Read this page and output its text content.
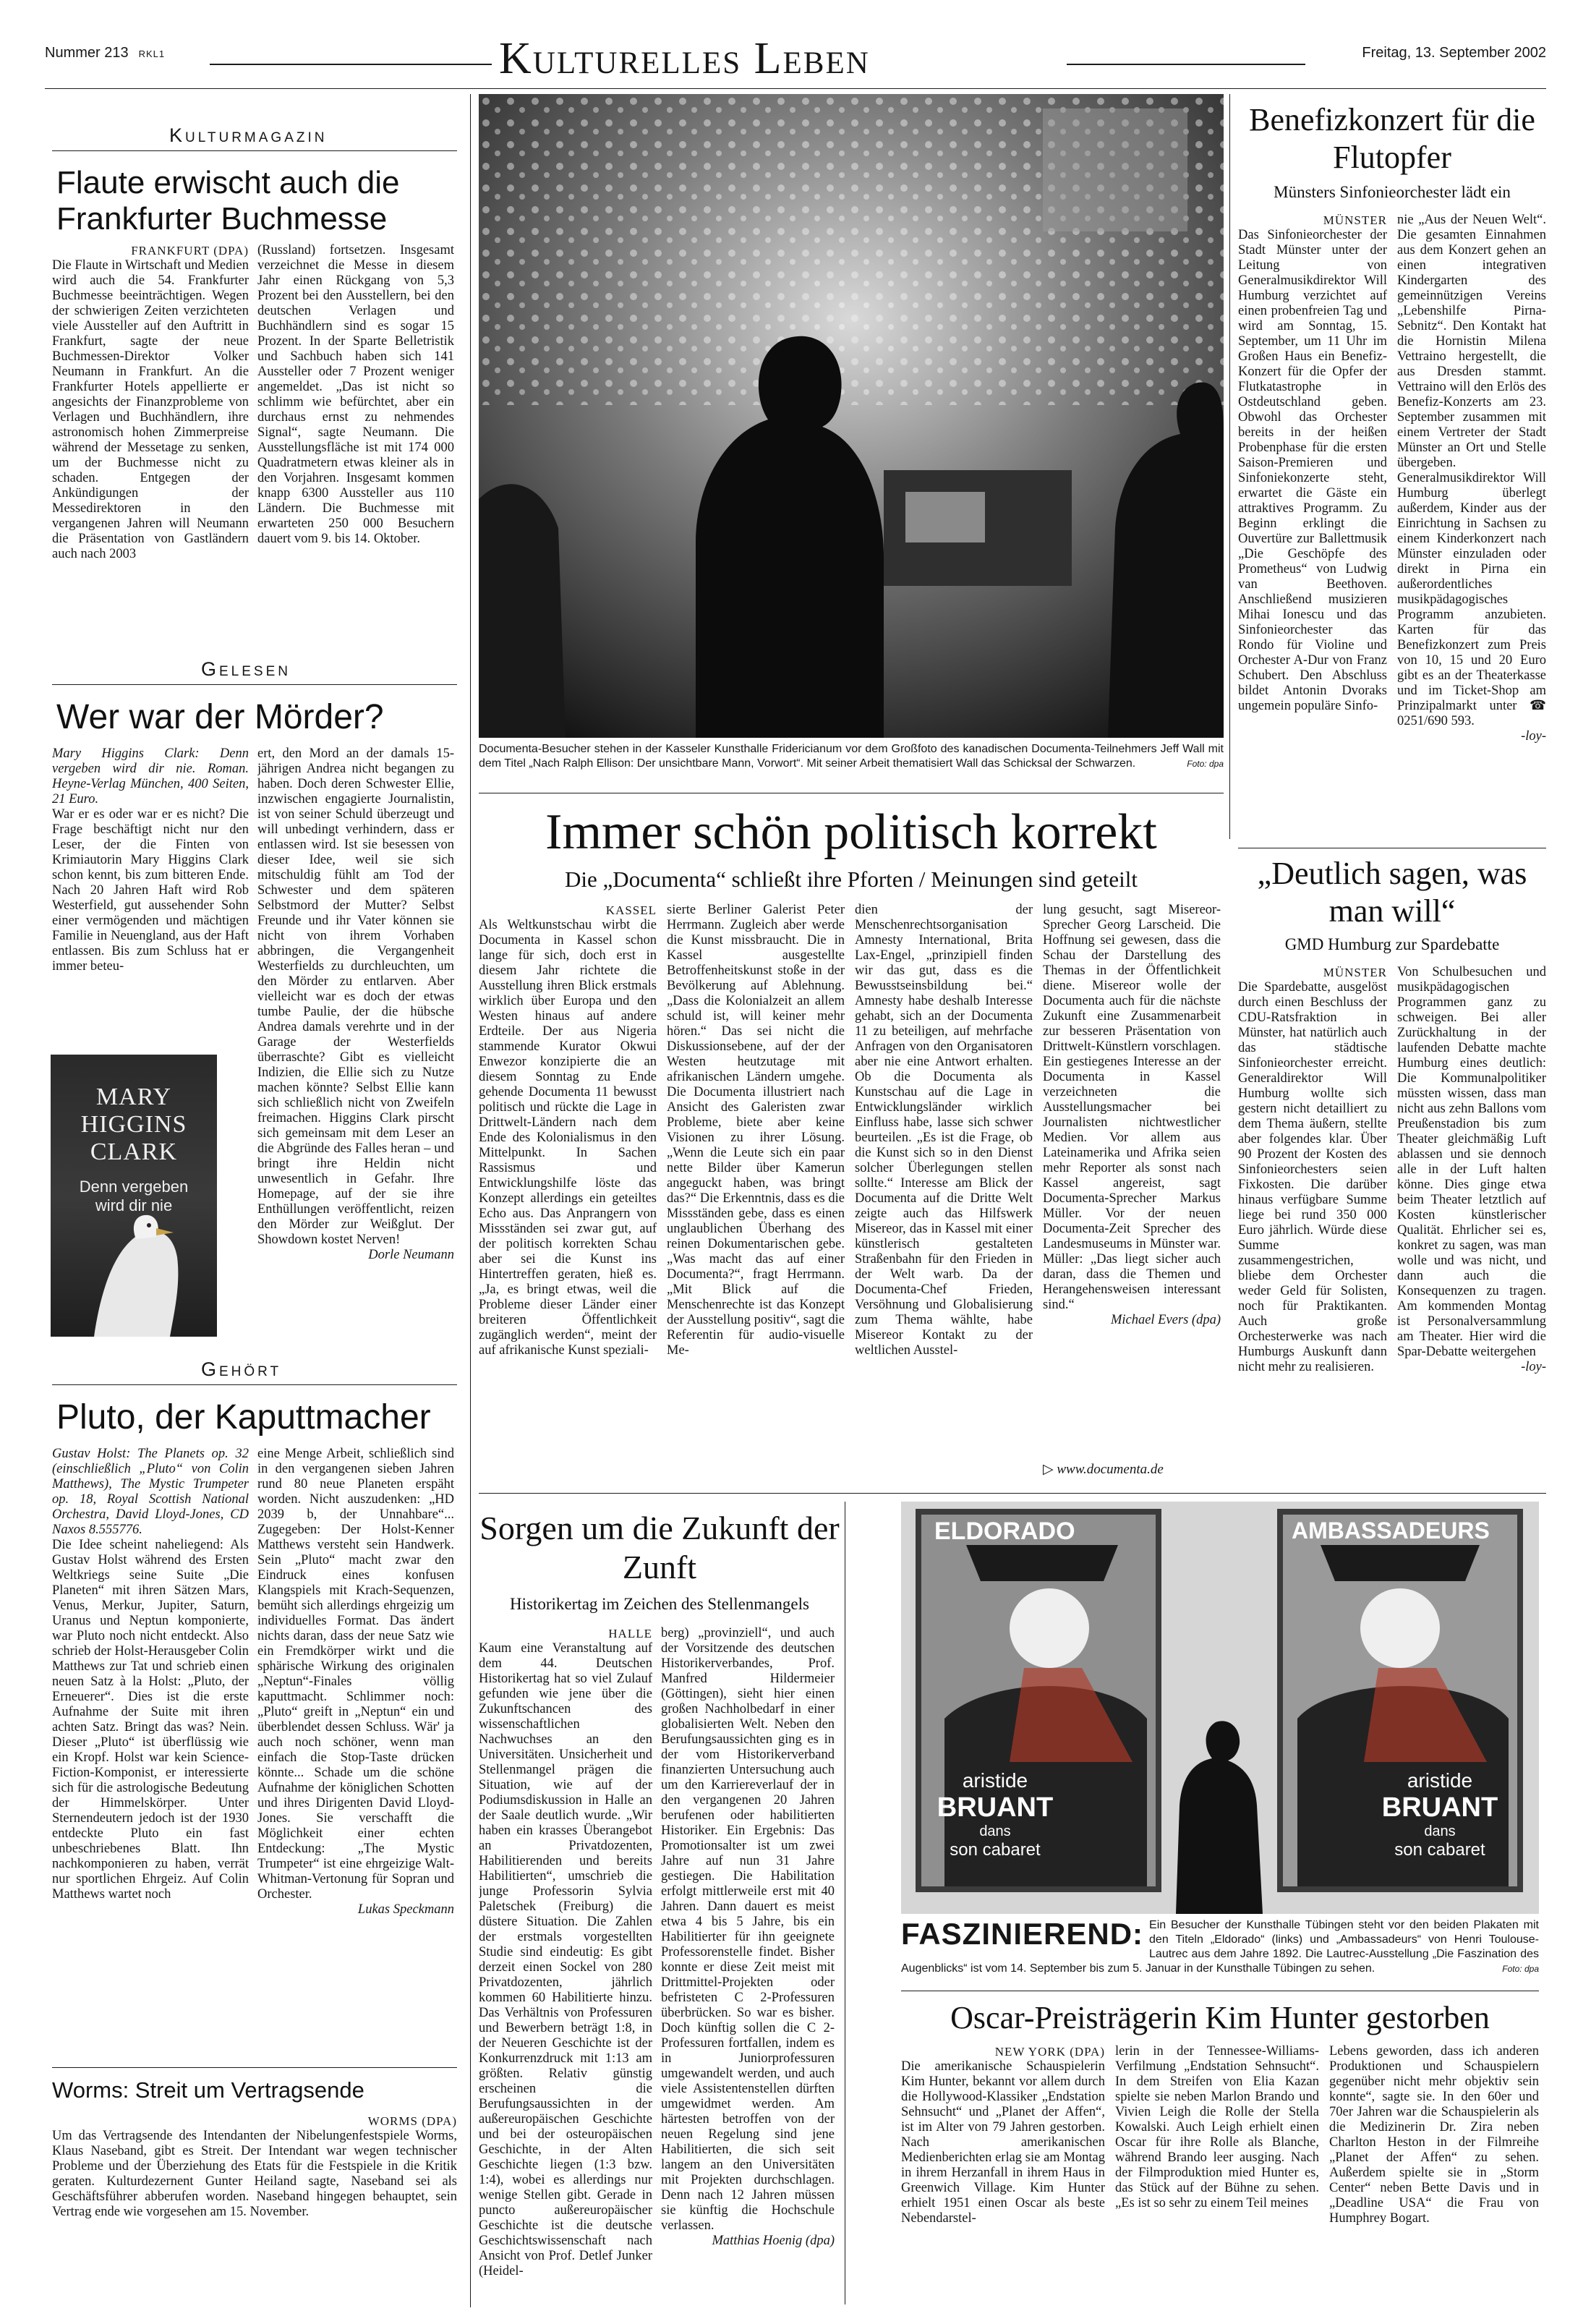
Nummer 213 RKL1	Kulturelles Leben	Freitag, 13. September 2002
Kulturmagazin
Flaute erwischt auch die Frankfurter Buchmesse

FRANKFURT (DPA)

Die Flaute in Wirtschaft und Medien wird auch die 54. Frankfurter Buchmesse beeinträchtigen. Wegen der schwierigen Zeiten verzichteten viele Aussteller auf den Auftritt in Frankfurt, sagte der neue Buchmessen-Direktor Volker Neumann in Frankfurt. An die Frankfurter Hotels appellierte er angesichts der Finanzprobleme von Verlagen und Buchhändlern, ihre astronomisch hohen Zimmerpreise während der Messetage zu senken, um der Buchmesse nicht zu schaden. Entgegen der Ankündigungen der Messedirektoren in den vergangenen Jahren will Neumann die Präsentation von Gastländern auch nach 2003

(Russland) fortsetzen. Insgesamt verzeichnet die Messe in diesem Jahr einen Rückgang von 5,3 Prozent bei den Ausstellern, bei den deutschen Verlagen und Buchhändlern sind es sogar 15 Prozent. In der Sparte Belletristik und Sachbuch haben sich 141 Aussteller oder 7 Prozent weniger angemeldet. „Das ist nicht so schlimm wie befürchtet, aber ein durchaus ernst zu nehmendes Signal“, sagte Neumann. Die Ausstellungsfläche ist mit 174 000 Quadratmetern etwas kleiner als in den Vorjahren. Insgesamt kommen knapp 6300 Aussteller aus 110 Ländern. Die Buchmesse mit erwarteten 250 000 Besuchern dauert vom 9. bis 14. Oktober.

Gelesen
Wer war der Mörder?

Mary Higgins Clark: Denn vergeben wird dir nie. Roman. Heyne-Verlag München, 400 Seiten, 21 Euro.

War er es oder war er es nicht? Die Frage beschäftigt nicht nur den Leser, der die Finten von Krimiautorin Mary Higgins Clark schon kennt, bis zum bitteren Ende. Nach 20 Jahren Haft wird Rob Westerfield, gut aussehender Sohn einer vermögenden und mächtigen Familie in Neuengland, aus der Haft entlassen. Bis zum Schluss hat er immer beteu-

ert, den Mord an der damals 15-jährigen Andrea nicht begangen zu haben. Doch deren Schwester Ellie, inzwischen engagierte Journalistin, ist von seiner Schuld überzeugt und will unbedingt verhindern, dass er entlassen wird. Ist sie besessen von dieser Idee, weil sie sich mitschuldig fühlt am Tod der Schwester und dem späteren Selbstmord der Mutter? Selbst Freunde und ihr Vater können sie nicht von ihrem Vorhaben abbringen, die Vergangenheit Westerfields zu durchleuchten, um den Mörder zu entlarven. Aber vielleicht war es doch der etwas tumbe Paulie, der die hübsche Andrea damals verehrte und in der Garage der Westerfields überraschte? Gibt es vielleicht Indizien, die Ellie sich zu Nutze machen könnte? Selbst Ellie kann sich schließlich nicht von Zweifeln freimachen. Higgins Clark pirscht sich gemeinsam mit dem Leser an die Abgründe des Falles heran – und bringt ihre Heldin nicht unwesentlich in Gefahr. Ihre Homepage, auf der sie ihre Enthüllungen veröffentlicht, reizen den Mörder zur Weißglut. Der Showdown kostet Nerven!

Dorle Neumann

MARY HIGGINS CLARK
Denn vergeben wird dir nie
Gehört
Pluto, der Kaputtmacher

Gustav Holst: The Planets op. 32 (einschließlich „Pluto“ von Colin Matthews), The Mystic Trumpeter op. 18, Royal Scottish National Orchestra, David Lloyd-Jones, CD Naxos 8.555776.

Die Idee scheint naheliegend: Als Gustav Holst während des Ersten Weltkriegs seine Suite „Die Planeten“ mit ihren Sätzen Mars, Venus, Merkur, Jupiter, Saturn, Uranus und Neptun komponierte, war Pluto noch nicht entdeckt. Also schrieb der Holst-Herausgeber Colin Matthews zur Tat und schrieb einen neuen Satz à la Holst: „Pluto, der Erneuerer“. Dies ist die erste Aufnahme der Suite mit ihren achten Satz. Bringt das was? Nein. Dieser „Pluto“ ist überflüssig wie ein Kropf. Holst war kein Science-Fiction-Komponist, er interessierte sich für die astrologische Bedeutung der Himmelskörper. Unter Sternendeutern jedoch ist der 1930 entdeckte Pluto ein fast unbeschriebenes Blatt. Ihn nachkomponieren zu haben, verrät nur sportlichen Ehrgeiz. Auf Colin Matthews wartet noch

eine Menge Arbeit, schließlich sind in den vergangenen sieben Jahren rund 80 neue Planeten erspäht worden. Nicht auszudenken: „HD 2039 b, der Unnahbare“... Zugegeben: Der Holst-Kenner Matthews versteht sein Handwerk. Sein „Pluto“ macht zwar den Eindruck eines konfusen Klangspiels mit Krach-Sequenzen, bemüht sich allerdings ehrgeizig um individuelles Format. Das ändert nichts daran, dass der neue Satz wie ein Fremdkörper wirkt und die sphärische Wirkung des originalen „Neptun“-Finales völlig kaputtmacht. Schlimmer noch: „Pluto“ greift in „Neptun“ ein und überblendet dessen Schluss. Wär' ja auch noch schöner, wenn man einfach die Stop-Taste drücken könnte... Schade um die schöne Aufnahme der königlichen Schotten und ihres Dirigenten David Lloyd-Jones. Sie verschafft die Möglichkeit einer echten Entdeckung: „The Mystic Trumpeter“ ist eine ehrgeizige Walt-Whitman-Vertonung für Sopran und Orchester.

Lukas Speckmann

Worms: Streit um Vertragsende

WORMS (DPA)

Um das Vertragsende des Intendanten der Nibelungenfestspiele Worms, Klaus Naseband, gibt es Streit. Der Intendant war wegen technischer Probleme und der Überziehung des Etats für die Festspiele in die Kritik geraten. Kulturdezernent Gunter Heiland sagte, Naseband sei als Geschäftsführer abberufen worden. Naseband hingegen behauptet, sein Vertrag ende wie vorgesehen am 15. November.

Documenta-Besucher stehen in der Kasseler Kunsthalle Fridericianum vor dem Großfoto des kanadischen Documenta-Teilnehmers Jeff Wall mit dem Titel „Nach Ralph Ellison: Der unsichtbare Mann, Vorwort“. Mit seiner Arbeit thematisiert Wall das Schicksal der Schwarzen.	Foto: dpa
Immer schön politisch korrekt
Die „Documenta“ schließt ihre Pforten / Meinungen sind geteilt

KASSEL

Als Weltkunstschau wirbt die Documenta in Kassel schon lange für sich, doch erst in diesem Jahr richtete die Ausstellung ihren Blick erstmals wirklich über Europa und den Westen hinaus auf andere Erdteile. Der aus Nigeria stammende Kurator Okwui Enwezor konzipierte die an diesem Sonntag zu Ende gehende Documenta 11 bewusst politisch und rückte die Lage in Drittwelt-Ländern nach dem Ende des Kolonialismus in den Mittelpunkt. In Sachen Rassismus und Entwicklungshilfe löste das Konzept allerdings ein geteiltes Echo aus. Das Anprangern von Missständen sei zwar gut, auf der politisch korrekten Schau aber sei die Kunst ins Hintertreffen geraten, hieß es. „Ja, es bringt etwas, weil die Probleme dieser Länder einer breiteren Öffentlichkeit zugänglich werden“, meint der auf afrikanische Kunst speziali-

sierte Berliner Galerist Peter Herrmann. Zugleich aber werde die Kunst missbraucht. Die in Kassel ausgestellte Betroffenheitskunst stoße in der Bevölkerung auf Ablehnung. „Dass die Kolonialzeit an allem schuld ist, will keiner mehr hören.“ Das sei nicht die Diskussionsebene, auf der der Westen heutzutage mit afrikanischen Ländern umgehe. Die Documenta illustriert nach Ansicht des Galeristen zwar Probleme, biete aber keine Visionen zu ihrer Lösung. „Wenn die Leute sich ein paar nette Bilder über Kamerun angeguckt haben, was bringt das?“ Die Erkenntnis, dass es die Missständen gebe, dass es einen unglaublichen Überhang des reinen Dokumentarischen gebe. „Was macht das auf einer Documenta?“, fragt Herrmann. „Mit Blick auf die Menschenrechte ist das Konzept der Ausstellung positiv“, sagt die Referentin für audio-visuelle Me-

dien der Menschenrechtsorganisation Amnesty International, Brita Lax-Engel, „prinzipiell finden wir das gut, dass es die Bewusstseinsbildung bei.“ Amnesty habe deshalb Interesse gehabt, sich an der Documenta 11 zu beteiligen, auf mehrfache Anfragen von den Organisatoren aber nie eine Antwort erhalten. Ob die Documenta als Kunstschau auf die Lage in Entwicklungsländer wirklich Einfluss habe, lasse sich schwer beurteilen. „Es ist die Frage, ob die Kunst sich so in den Dienst solcher Überlegungen stellen sollte.“ Interesse am Blick der Documenta auf die Dritte Welt zeigte auch das Hilfswerk Misereor, das in Kassel mit einer künstlerisch gestalteten Straßenbahn für den Frieden in der Welt warb. Da der Documenta-Chef Frieden, Versöhnung und Globalisierung zum Thema wählte, habe Misereor Kontakt zu der weltlichen Ausstel-

lung gesucht, sagt Misereor-Sprecher Georg Larscheid. Die Hoffnung sei gewesen, dass die Schau der Darstellung des Themas in der Öffentlichkeit diene. Misereor wolle der Documenta auch für die nächste Zukunft eine Zusammenarbeit zur besseren Präsentation von Drittwelt-Künstlern vorschlagen. Ein gestiegenes Interesse an der Documenta in Kassel verzeichneten die Ausstellungsmacher bei Journalisten nichtwestlicher Medien. Vor allem aus Lateinamerika und Afrika seien mehr Reporter als sonst nach Kassel angereist, sagt Documenta-Sprecher Markus Müller. Vor der neuen Documenta-Zeit Sprecher des Landesmuseums in Münster war. Müller: „Das liegt sicher auch daran, dass die Themen und Herangehensweisen interessant sind.“

Michael Evers (dpa)

▷ www.documenta.de
Benefizkonzert für die Flutopfer
Münsters Sinfonieorchester lädt ein

MÜNSTER

Das Sinfonieorchester der Stadt Münster unter der Leitung von Generalmusikdirektor Will Humburg verzichtet auf einen probenfreien Tag und wird am Sonntag, 15. September, um 11 Uhr im Großen Haus ein Benefiz-Konzert für die Opfer der Flutkatastrophe in Ostdeutschland geben. Obwohl das Orchester bereits in der heißen Probenphase für die ersten Saison-Premieren und Sinfoniekonzerte steht, erwartet die Gäste ein attraktives Programm. Zu Beginn erklingt die Ouvertüre zur Ballettmusik „Die Geschöpfe des Prometheus“ von Ludwig van Beethoven. Anschließend musizieren Mihai Ionescu und das Sinfonieorchester das Rondo für Violine und Orchester A-Dur von Franz Schubert. Den Abschluss bildet Antonin Dvoraks ungemein populäre Sinfo-

nie „Aus der Neuen Welt“. Die gesamten Einnahmen aus dem Konzert gehen an einen integrativen Kindergarten des gemeinnützigen Vereins „Lebenshilfe Pirna-Sebnitz“. Den Kontakt hat die Hornistin Milena Vettraino hergestellt, die aus Dresden stammt. Vettraino will den Erlös des Benefiz-Konzerts am 23. September zusammen mit einem Vertreter der Stadt Münster an Ort und Stelle übergeben. Generalmusikdirektor Will Humburg überlegt außerdem, Kinder aus der Einrichtung in Sachsen zu einem Kinderkonzert nach Münster einzuladen oder direkt in Pirna ein außerordentliches musikpädagogisches Programm anzubieten. Karten für das Benefizkonzert zum Preis von 10, 15 und 20 Euro gibt es an der Theaterkasse und im Ticket-Shop am Prinzipalmarkt unter ☎ 0251/690 593.

-loy-

„Deutlich sagen, was man will“
GMD Humburg zur Spardebatte

MÜNSTER

Die Spardebatte, ausgelöst durch einen Beschluss der CDU-Ratsfraktion in Münster, hat natürlich auch das städtische Sinfonieorchester erreicht. Generaldirektor Will Humburg wollte sich gestern nicht detailliert zu dem Thema äußern, stellte aber folgendes klar. Über 90 Prozent der Kosten des Sinfonieorchesters seien Fixkosten. Die darüber hinaus verfügbare Summe liege bei rund 350 000 Euro jährlich. Würde diese Summe zusammengestrichen, bliebe dem Orchester weder Geld für Solisten, noch für Praktikanten. Auch große Orchesterwerke was nach Humburgs Auskunft dann nicht mehr zu realisieren.

Von Schulbesuchen und musikpädagogischen Programmen ganz zu schweigen. Bei aller Zurückhaltung in der laufenden Debatte machte Humburg eines deutlich: Die Kommunalpolitiker müssten wissen, dass man nicht aus zehn Ballons vom Preußenstadion bis zum Theater gleichmäßig Luft ablassen und sie dennoch alle in der Luft halten könne. Dies ginge etwa beim Theater letztlich auf Kosten künstlerischer Qualität. Ehrlicher sei es, konkret zu sagen, was man wolle und was nicht, und dann auch die Konsequenzen zu tragen. Am kommenden Montag ist Personalversammlung am Theater. Hier wird die Spar-Debatte weitergehen

-loy-

Sorgen um die Zukunft der Zunft
Historikertag im Zeichen des Stellenmangels

HALLE

Kaum eine Veranstaltung auf dem 44. Deutschen Historikertag hat so viel Zulauf gefunden wie jene über die Zukunftschancen des wissenschaftlichen Nachwuchses an den Universitäten. Unsicherheit und Stellenmangel prägen die Situation, wie auf der Podiumsdiskussion in Halle an der Saale deutlich wurde. „Wir haben ein krasses Überangebot an Privatdozenten, Habilitierenden und bereits Habilitierten“, umschrieb die junge Professorin Sylvia Paletschek (Freiburg) die düstere Situation. Die Zahlen der erstmals vorgestellten Studie sind eindeutig: Es gibt derzeit einen Sockel von 280 Privatdozenten, jährlich kommen 60 Habilitierte hinzu. Das Verhältnis von Professuren und Bewerbern beträgt 1:8, in der Neueren Geschichte ist der Konkurrenzdruck mit 1:13 am größten. Relativ günstig erscheinen die Berufungsaussichten in der außereuropäischen Geschichte und bei der osteuropäischen Geschichte, in der Alten Geschichte liegen (1:3 bzw. 1:4), wobei es allerdings nur wenige Stellen gibt. Gerade in puncto außereuropäischer Geschichte ist die deutsche Geschichtswissenschaft nach Ansicht von Prof. Detlef Junker (Heidel-

berg) „provinziell“, und auch der Vorsitzende des deutschen Historikerverbandes, Prof. Manfred Hildermeier (Göttingen), sieht hier einen großen Nachholbedarf in einer globalisierten Welt. Neben den Berufungsaussichten ging es in der vom Historikerverband finanzierten Untersuchung auch um den Karriereverlauf der in den vergangenen 20 Jahren berufenen oder habilitierten Historiker. Ein Ergebnis: Das Promotionsalter ist um zwei Jahre auf nun 31 Jahre gestiegen. Die Habilitation erfolgt mittlerweile erst mit 40 Jahren. Dann dauert es meist etwa 4 bis 5 Jahre, bis ein Habilitierter für ihn geeignete Professorenstelle findet. Bisher konnte er diese Zeit meist mit Drittmittel-Projekten oder befristeten C 2-Professuren überbrücken. So war es bisher. Doch künftig sollen die C 2-Professuren fortfallen, indem es in Juniorprofessuren umgewandelt werden, und auch viele Assistentenstellen dürften umgewidmet werden. Am härtesten betroffen von der neuen Regelung sind jene Habilitierten, die sich seit langem an den Universitäten mit Projekten durchschlagen. Denn nach 12 Jahren müssen sie künftig die Hochschule verlassen.

Matthias Hoenig (dpa)

ELDORADO	AMBASSADEURS
aristide
BRUANT
dans
son cabaret
aristide
BRUANT
dans
son cabaret
FASZINIEREND: Ein Besucher der Kunsthalle Tübingen steht vor den beiden Plakaten mit den Titeln „Eldorado“ (links) und „Ambassadeurs“ von Henri Toulouse-Lautrec aus dem Jahre 1892. Die Lautrec-Ausstellung „Die Faszination des Augenblicks“ ist vom 14. September bis zum 5. Januar in der Kunsthalle Tübingen zu sehen.	Foto: dpa
Oscar-Preisträgerin Kim Hunter gestorben

NEW YORK (DPA)

Die amerikanische Schauspielerin Kim Hunter, bekannt vor allem durch die Hollywood-Klassiker „Endstation Sehnsucht“ und „Planet der Affen“, ist im Alter von 79 Jahren gestorben. Nach amerikanischen Medienberichten erlag sie am Montag in ihrem Herzanfall in ihrem Haus in Greenwich Village. Kim Hunter erhielt 1951 einen Oscar als beste Nebendarstel-

lerin in der Tennessee-Williams-Verfilmung „Endstation Sehnsucht“. In dem Streifen von Elia Kazan spielte sie neben Marlon Brando und Vivien Leigh die Rolle der Stella Kowalski. Auch Leigh erhielt einen Oscar für ihre Rolle als Blanche, während Brando leer ausging. Nach der Filmproduktion mied Hunter es, das Stück auf der Bühne zu sehen. „Es ist so sehr zu einem Teil meines

Lebens geworden, dass ich anderen Produktionen und Schauspielern gegenüber nicht mehr objektiv sein konnte“, sagte sie. In den 60er und 70er Jahren war die Schauspielerin als die Medizinerin Dr. Zira neben Charlton Heston in der Filmreihe „Planet der Affen“ zu sehen. Außerdem spielte sie in „Storm Center“ neben Bette Davis und in „Deadline USA“ die Frau von Humphrey Bogart.
